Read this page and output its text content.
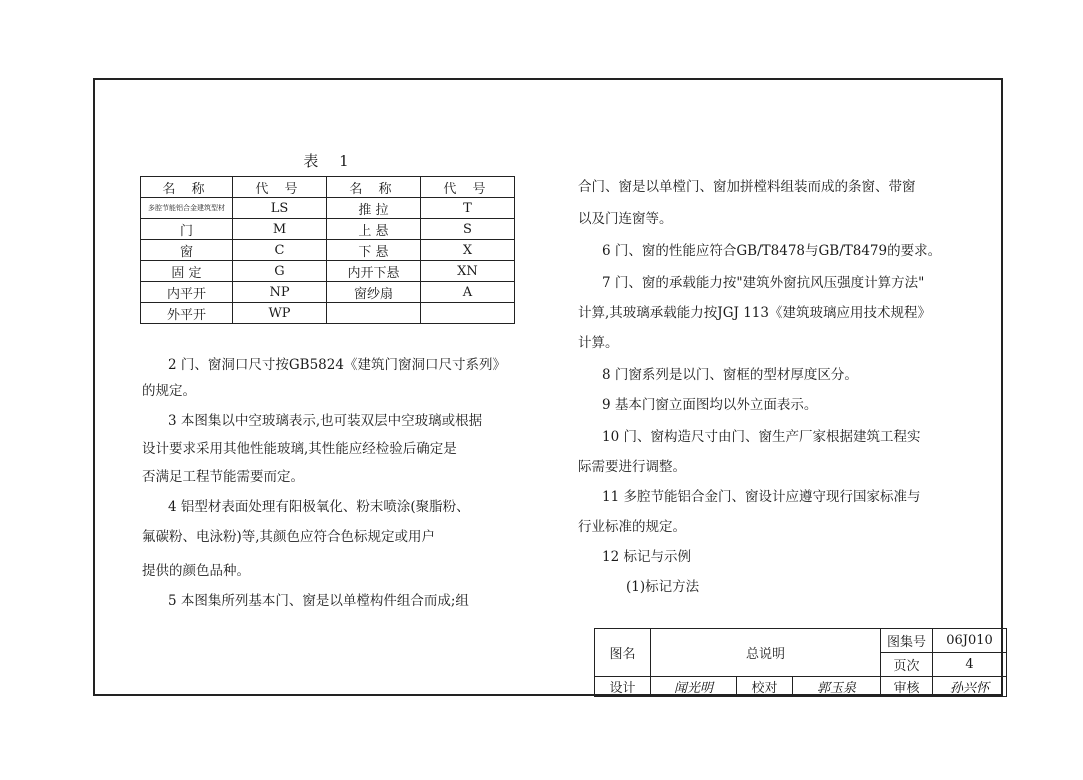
表 1
名 称	代 号	名 称	代 号
多腔节能铝合金建筑型材	LS	推 拉	T
门	M	上 悬	S
窗	C	下 悬	X
固 定	G	内开下悬	XN
内平开	NP	窗纱扇	A
外平开	WP		

2 门、窗洞口尺寸按GB5824《建筑门窗洞口尺寸系列》

的规定。

3 本图集以中空玻璃表示,也可装双层中空玻璃或根据

设计要求采用其他性能玻璃,其性能应经检验后确定是

否满足工程节能需要而定。

4 铝型材表面处理有阳极氧化、粉末喷涂(聚脂粉、

氟碳粉、电泳粉)等,其颜色应符合色标规定或用户

提供的颜色品种。

5 本图集所列基本门、窗是以单樘构件组合而成;组

合门、窗是以单樘门、窗加拼樘料组装而成的条窗、带窗

以及门连窗等。

6 门、窗的性能应符合GB/T8478与GB/T8479的要求。

7 门、窗的承载能力按"建筑外窗抗风压强度计算方法"

计算,其玻璃承载能力按JGJ 113《建筑玻璃应用技术规程》

计算。

8 门窗系列是以门、窗框的型材厚度区分。

9 基本门窗立面图均以外立面表示。

10 门、窗构造尺寸由门、窗生产厂家根据建筑工程实

际需要进行调整。

11 多腔节能铝合金门、窗设计应遵守现行国家标准与

行业标准的规定。

12 标记与示例

(1)标记方法

图名	总说明			图集号	06J010
				页次	4
设计	闻光明	校对	郭玉泉	审核	孙兴怀
